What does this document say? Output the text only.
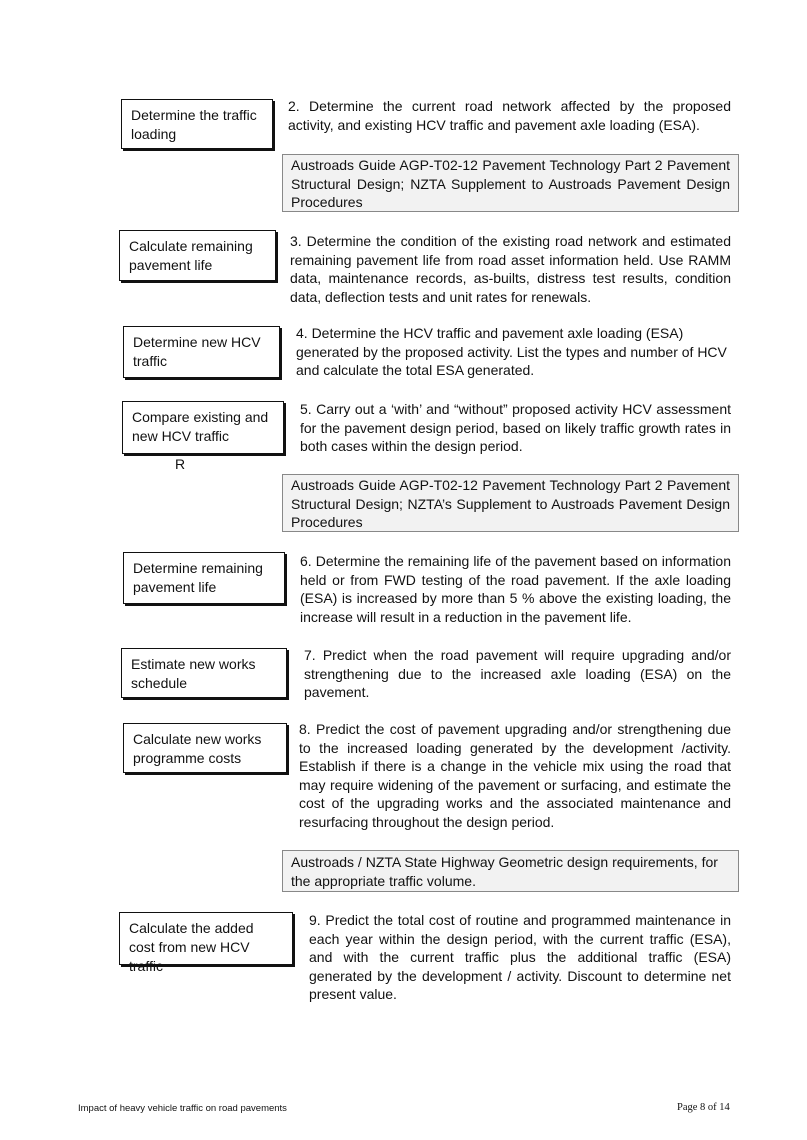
Determine the traffic loading

2. Determine the current road network affected by the proposed activity, and existing HCV traffic and pavement axle loading (ESA).

Austroads Guide AGP-T02-12 Pavement Technology Part 2 Pavement Structural Design; NZTA Supplement to Austroads Pavement Design Procedures
Calculate remaining pavement life

3. Determine the condition of the existing road network and estimated remaining pavement life from road asset information held. Use RAMM data, maintenance records, as-builts, distress test results, condition data, deflection tests and unit rates for renewals.

Determine new HCV traffic

4. Determine the HCV traffic and pavement axle loading (ESA) generated by the proposed activity. List the types and number of HCV and calculate the total ESA generated.

Compare existing and new HCV traffic

5. Carry out a ‘with’ and “without” proposed activity HCV assessment for the pavement design period, based on likely traffic growth rates in both cases within the design period.

R
Austroads Guide AGP-T02-12 Pavement Technology Part 2 Pavement Structural Design; NZTA’s Supplement to Austroads Pavement Design Procedures
Determine remaining pavement life

6. Determine the remaining life of the pavement based on information held or from FWD testing of the road pavement. If the axle loading (ESA) is increased by more than 5 % above the existing loading, the increase will result in a reduction in the pavement life.

Estimate new works schedule

7. Predict when the road pavement will require upgrading and/or strengthening due to the increased axle loading (ESA) on the pavement.

Calculate new works programme costs

8. Predict the cost of pavement upgrading and/or strengthening due to the increased loading generated by the development /activity. Establish if there is a change in the vehicle mix using the road that may require widening of the pavement or surfacing, and estimate the cost of the upgrading works and the associated maintenance and resurfacing throughout the design period.

Austroads / NZTA State Highway Geometric design requirements, for the appropriate traffic volume.
Calculate the added cost from new HCV traffic

9. Predict the total cost of routine and programmed maintenance in each year within the design period, with the current traffic (ESA), and with the current traffic plus the additional traffic (ESA) generated by the development / activity. Discount to determine net present value.

Impact of heavy vehicle traffic on road pavements	Page 8 of 14
